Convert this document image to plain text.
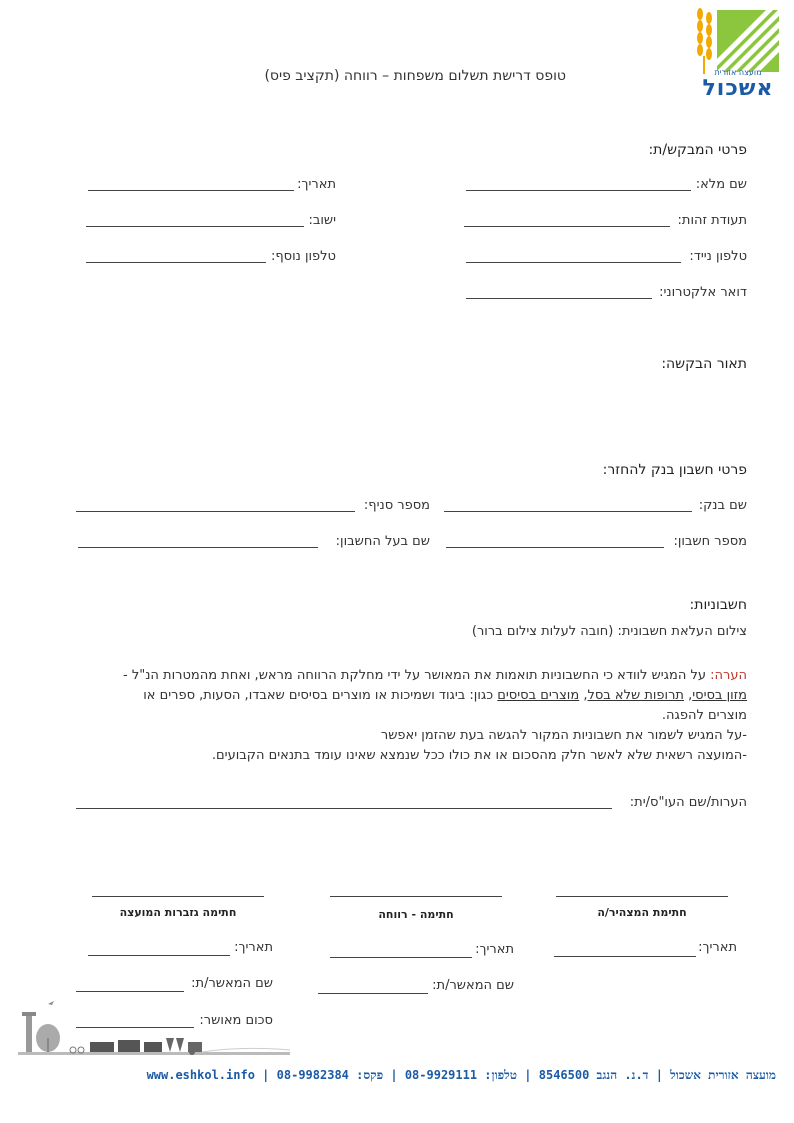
מועצה אזורית
אשכול
טופס דרישת תשלום משפחות – רווחה (תקציב פיס)
פרטי המבקש/ת:
שם מלא:
תאריך:
תעודת זהות:
ישוב:
טלפון נייד:
טלפון נוסף:
דואר אלקטרוני:
תאור הבקשה:
פרטי חשבון בנק להחזר:
שם בנק:
מספר סניף:
מספר חשבון:
שם בעל החשבון:
חשבוניות:
צילום העלאת חשבונית: (חובה לעלות צילום ברור)
הערה: על המגיש לוודא כי החשבוניות תואמות את המאושר על ידי מחלקת הרווחה מראש, ואחת מהמטרות הנ"ל -
מזון בסיסי, תרופות שלא בסל, מוצרים בסיסים כגון: ביגוד ושמיכות או מוצרים בסיסים שאבדו, הסעות, ספרים או
מוצרים להפגה.
-על המגיש לשמור את חשבוניות המקור להגשה בעת שהזמן יאפשר
-המועצה רשאית שלא לאשר חלק מהסכום או את כולו ככל שנמצא שאינו עומד בתנאים הקבועים.
הערות/שם העו"ס/ית:
חתימת המצהיר/ה
חתימה - רווחה
חתימה גזברות המועצה
תאריך:
תאריך:
שם המאשר/ת:
תאריך:
שם המאשר/ת:
סכום מאושר:
מועצה אזורית אשכול | ד.נ. הנגב 8546500 | טלפון: 08-9929111 | פקס: 08-9982384 | www.eshkol.info
